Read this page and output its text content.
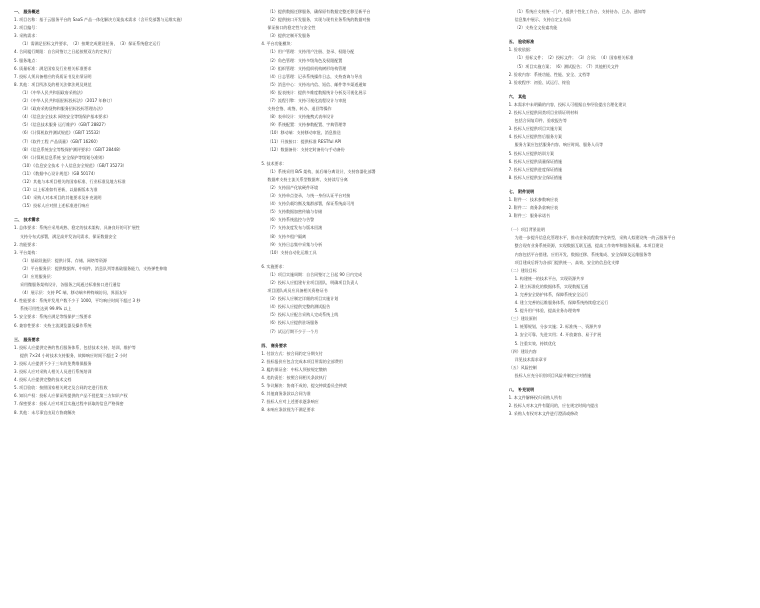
一、 服务概述
1. 项目名称：基于云服务平台的 SaaS 产品一体化解决方案技术需求（含开发部署与运维实施）
2. 项目编号：
3. 采购需求：
（1）需满足招标文件要求，（2）按期完成建设任务，（3）保证系统稳定运行
4. 合同履行期限：自合同签订之日起按照双方约定执行
5. 服务地点：
6. 质量标准：满足国家及行业相关标准要求
7. 投标人须具备相应的资质证书及业绩证明
8. 其他：项目所涉及的相关法律法规及规范
（1）《中华人民共和国政府采购法》
（2）《中华人民共和国招标投标法》（2017 年修订）
（3）《政府采购货物和服务招标投标管理办法》
（4）《信息安全技术 网络安全等级保护基本要求》
（5）《信息技术服务 运行维护》（GB/T 28827）
（6）《计算机软件测试规范》（GB/T 15532）
（7）《软件工程 产品质量》（GB/T 16260）
（8）《信息系统安全等级保护测评要求》（GB/T 28448）
（9）《计算机信息系统 安全保护等级划分准则》
（10）《信息安全技术 个人信息安全规范》（GB/T 35273）
（11）《数据中心设计规范》（GB 50174）
（12）其他与本项目相关的国家标准、行业标准及地方标准
（13）以上标准如有更新，以最新版本为准
（14）采购人对本项目的其他要求及补充说明
（15）投标人应对照上述标准进行响应
二、 技术需求
1. 总体要求：系统应采用成熟、稳定的技术架构，具备良好的可扩展性
支持分布式部署，满足高并发访问需求，保证数据安全
2. 功能要求：
3. 平台架构：
（1）基础设施层：提供计算、存储、网络等资源
（2）平台服务层：提供数据库、中间件、消息队列等基础服务能力，支持弹性伸缩
（3）应用服务层：
采用微服务架构设计，各服务之间通过标准接口进行通信
（4）展示层：支持 PC 端、移动端多种终端访问，界面友好
4. 性能要求：系统并发用户数不少于 1000，平均响应时间不超过 3 秒
系统可用性达到 99.9% 以上
5. 安全要求：系统应满足等级保护三级要求
6. 兼容性要求：支持主流浏览器及操作系统
三、 服务要求
1. 投标人应提供完善的售后服务体系，包括技术支持、培训、维护等
提供 7×24 小时技术支持服务，故障响应时间不超过 2 小时
2. 投标人应提供不少于三年的免费维保服务
3. 投标人应对采购人相关人员进行系统培训
4. 投标人应提供完整的技术文档
5. 项目验收：按照国家相关规定及合同约定进行验收
6. 知识产权：投标人应保证所提供的产品不侵犯第三方知识产权
7. 保密要求：投标人应对项目实施过程中获取的信息严格保密
8. 其他：未尽事宜由双方协商解决
（1）提供数据迁移服务，确保原有数据完整迁移至新平台
（2）提供接口开发服务，实现与现有业务系统的数据对接
保证接口的稳定性与安全性
（3）提供定制开发服务
4. 平台功能模块：
（1）用户管理：支持用户注册、登录、权限分配
（2）角色管理：支持多级角色及权限配置
（3）组织管理：支持组织机构树形结构管理
（4）日志管理：记录系统操作日志，支持查询与导出
（5）消息中心：支持站内信、短信、邮件等多渠道通知
（6）报表统计：提供多维度数据统计分析及可视化展示
（7）流程引擎：支持可视化流程设计与审批
支持会签、或签、转办、退回等操作
（8）表单设计：支持拖拽式表单设计
（9）系统配置：支持参数配置、字典管理等
（10）移动端：支持移动审批、消息推送
（11）开放接口：提供标准 RESTful API
（12）数据备份：支持定时备份与手动备份
5. 技术要求：
（1）系统采用 B/S 架构，前后端分离设计，支持容器化部署
数据库支持主流关系型数据库，支持读写分离
（2）支持国产化软硬件环境
（3）支持单点登录，与统一身份认证平台对接
（4）支持负载均衡及集群部署，保证系统高可用
（5）支持数据加密传输与存储
（6）支持系统监控与告警
（7）支持灰度发布与版本回滚
（8）支持多租户隔离
（9）支持日志集中采集与分析
（10）支持自动化运维工具
6. 实施要求：
（1）项目实施周期：自合同签订之日起 90 日内完成
（2）投标人应组建专业项目团队，明确项目负责人
项目团队成员应具备相关资格证书
（3）投标人应制定详细的项目实施计划
（4）投标人应提供完整的测试报告
（5）投标人应配合采购人完成系统上线
（6）投标人应提供驻场服务
（7）试运行期不少于一个月
四、 商务要求
1. 付款方式：按合同约定分期支付
2. 投标报价应包含完成本项目所需的全部费用
3. 履约保证金：中标人须按规定缴纳
4. 违约责任：按照合同相关条款执行
5. 争议解决：协商不成的，提交仲裁委员会仲裁
6. 其他商务条款以合同为准
7. 投标人应对上述要求逐条响应
8. 未响应条款视为不满足要求
（1）系统应支持统一门户，提供个性化工作台，支持待办、已办、通知等
信息集中展示，支持自定义布局
（2）支持全文检索功能
五、 验收标准
1. 验收依据：
（1）招标文件；（2）投标文件；（3）合同；（4）国家相关标准
（5）项目实施方案；（6）测试报告；（7）其他相关文件
2. 验收内容：系统功能、性能、安全、文档等
3. 验收程序：初验、试运行、终验
六、 其他
1. 本需求中未明确的内容，投标人可根据自身经验提出合理化建议
2. 投标人应提供同类项目业绩证明材料
包括合同复印件、验收报告等
3. 投标人应提供项目实施方案
4. 投标人应提供售后服务方案
服务方案应包括服务内容、响应时间、服务人员等
5. 投标人应提供培训方案
6. 投标人应提供质量保证措施
7. 投标人应提供进度保证措施
8. 投标人应提供安全保证措施
七、 附件说明
1. 附件一：技术参数响应表
2. 附件二：商务条款响应表
3. 附件三：服务承诺书
（一）项目背景说明
为进一步提升信息化管理水平，推动业务流程数字化转型，采购人拟建设统一的云服务平台
整合现有业务系统资源，实现数据互联互通，提高工作效率和服务质量。本项目建设
内容包括平台搭建、应用开发、数据迁移、系统集成、安全保障及运维服务等
项目建成后将为各部门提供统一、高效、安全的信息化支撑
（二）建设目标
1. 构建统一的技术平台，实现资源共享
2. 建立标准化的数据体系，实现数据互通
3. 完善安全防护体系，保障系统安全运行
4. 建立完善的运维服务体系，保障系统持续稳定运行
5. 提升用户体验，提高业务办理效率
（三）建设原则
1. 统筹规划、分步实施；2. 标准统一、资源共享
3. 安全可靠、先进实用；4. 开放兼容、易于扩展
5. 注重实效、持续优化
（四）建设内容
详见技术需求章节
（五）风险控制
投标人应充分识别项目风险并制定应对措施
八、 补充说明
1. 本文件解释权归采购人所有
2. 投标人对本文件有疑问的，应在规定时间内提出
3. 采购人有权对本文件进行澄清或修改
